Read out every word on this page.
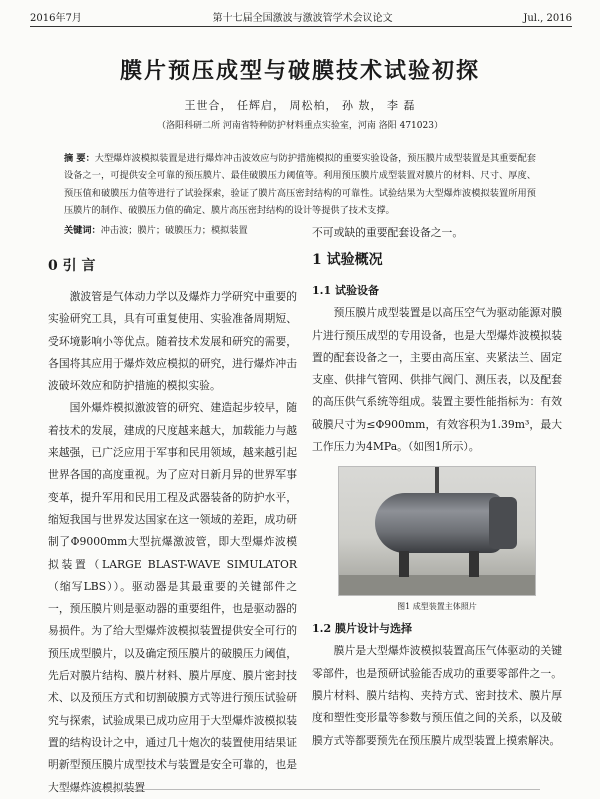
2016年7月	第十七届全国激波与激波管学术会议论文	Jul., 2016
膜片预压成型与破膜技术试验初探
王世合， 任辉启， 周松柏， 孙 敖， 李 磊
（洛阳科研二所 河南省特种防护材料重点实验室，河南 洛阳 471023）
摘 要：大型爆炸波模拟装置是进行爆炸冲击波效应与防护措施模拟的重要实验设备，预压膜片成型装置是其重要配套设备之一，可提供安全可靠的预压膜片、最佳破膜压力阈值等。利用预压膜片成型装置对膜片的材料、尺寸、厚度、预压值和破膜压力值等进行了试验探索，验证了膜片高压密封结构的可靠性。试验结果为大型爆炸波模拟装置所用预压膜片的制作、破膜压力值的确定、膜片高压密封结构的设计等提供了技术支撑。
关键词：冲击波；膜片；破膜压力；模拟装置
0 引 言

激波管是气体动力学以及爆炸力学研究中重要的实验研究工具，具有可重复使用、实验准备周期短、受环境影响小等优点。随着技术发展和研究的需要，各国将其应用于爆炸效应模拟的研究，进行爆炸冲击波破坏效应和防护措施的模拟实验。

国外爆炸模拟激波管的研究、建造起步较早，随着技术的发展，建成的尺度越来越大，加载能力与越来越强，已广泛应用于军事和民用领域，越来越引起世界各国的高度重视。为了应对日新月异的世界军事变革，提升军用和民用工程及武器装备的防护水平，缩短我国与世界发达国家在这一领域的差距，成功研制了Φ9000mm大型抗爆激波管，即大型爆炸波模拟装置（LARGE BLAST-WAVE SIMULATOR（缩写LBS））。驱动器是其最重要的关键部件之一，预压膜片则是驱动器的重要组件，也是驱动器的易损件。为了给大型爆炸波模拟装置提供安全可行的预压成型膜片，以及确定预压膜片的破膜压力阈值，先后对膜片结构、膜片材料、膜片厚度、膜片密封技术、以及预压方式和切割破膜方式等进行预压试验研究与探索，试验成果已成功应用于大型爆炸波模拟装置的结构设计之中，通过几十炮次的装置使用结果证明新型预压膜片成型技术与装置是安全可靠的，也是大型爆炸波模拟装置

不可或缺的重要配套设备之一。
1 试验概况
1.1 试验设备

预压膜片成型装置是以高压空气为驱动能源对膜片进行预压成型的专用设备，也是大型爆炸波模拟装置的配套设备之一，主要由高压室、夹紧法兰、固定支座、供排气管网、供排气阀门、测压表，以及配套的高压供气系统等组成。装置主要性能指标为：有效破膜尺寸为≤Φ900mm，有效容积为1.39m³，最大工作压力为4MPa。（如图1所示）。

图1 成型装置主体照片
1.2 膜片设计与选择

膜片是大型爆炸波模拟装置高压气体驱动的关键零部件，也是预研试验能否成功的重要零部件之一。膜片材料、膜片结构、夹持方式、密封技术、膜片厚度和塑性变形量等参数与预压值之间的关系，以及破膜方式等都要预先在预压膜片成型装置上摸索解决。
